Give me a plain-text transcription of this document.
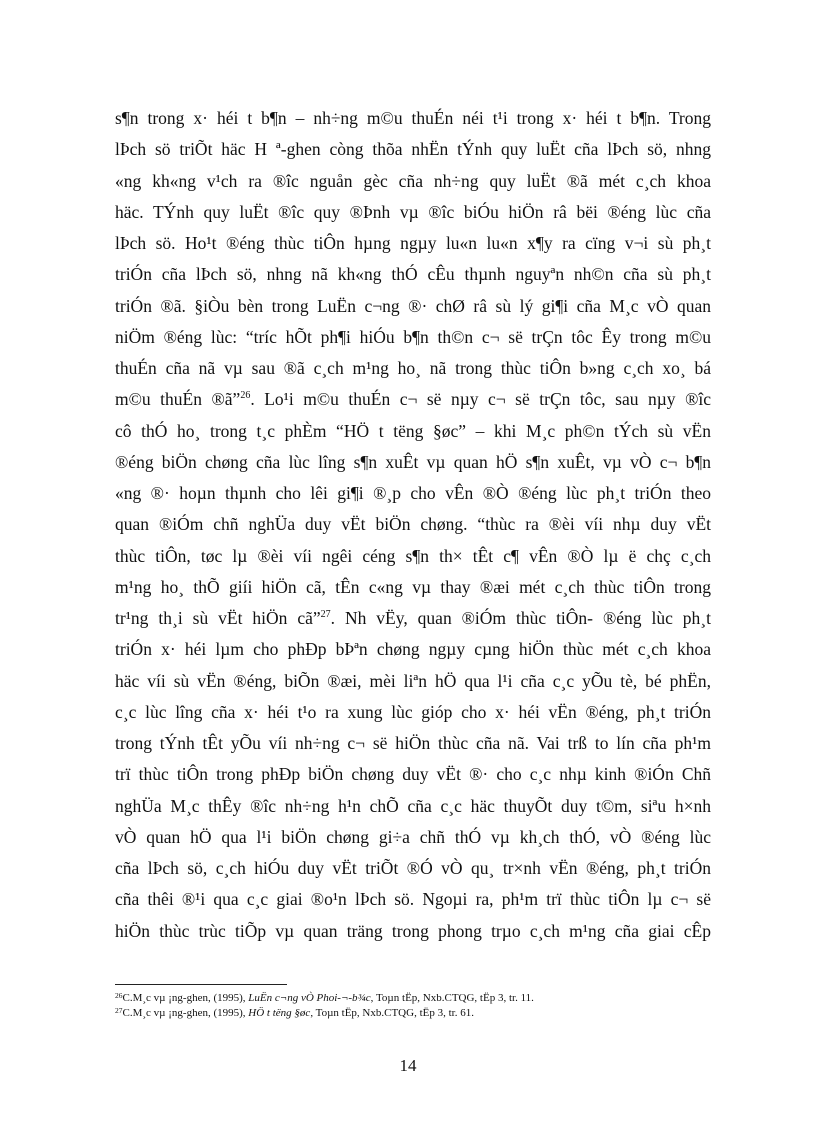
s¶n trong x· héi t b¶n – nh÷ng m©u thuÉn néi t¹i trong x· héi t b¶n. Trong
lÞch sö triÕt häc H ª-ghen còng thõa nhËn tÝnh quy luËt cña lÞch sö, nhng
«ng kh«ng v¹ch ra ®îc nguån gèc cña nh÷ng quy luËt ®ã mét c¸ch khoa
häc. TÝnh quy luËt ®îc quy ®Þnh vµ ®îc biÓu hiÖn râ bëi ®éng lùc cña
lÞch sö. Ho¹t ®éng thùc tiÔn hµng ngµy lu«n lu«n x¶y ra cïng v¬i sù ph¸t
triÓn cña lÞch sö, nhng nã kh«ng thÓ cÊu thµnh nguyªn nh©n cña sù ph¸t
triÓn ®ã. §iÒu bèn trong LuËn c¬ng ®· chØ râ sù lý gi¶i cña M¸c vÒ quan
niÖm ®éng lùc: “tríc hÕt ph¶i hiÓu b¶n th©n c¬ së trÇn tôc Êy trong m©u
thuÉn cña nã vµ sau ®ã c¸ch m¹ng ho¸ nã trong thùc tiÔn b»ng c¸ch xo¸ bá
m©u thuÉn ®ã”$^{26}$. Lo¹i m©u thuÉn c¬ së nµy c¬ së trÇn tôc, sau nµy ®îc
cô thÓ ho¸ trong t¸c phÈm “HÖ t tëng §øc” – khi M¸c ph©n tÝch sù vËn
®éng biÖn chøng cña lùc lîng s¶n xuÊt vµ quan hÖ s¶n xuÊt, vµ vÒ c¬ b¶n
«ng ®· hoµn thµnh cho lêi gi¶i ®¸p cho vÊn ®Ò ®éng lùc ph¸t triÓn theo
quan ®iÓm chñ nghÜa duy vËt biÖn chøng. “thùc ra ®èi víi nhµ duy vËt
thùc tiÔn, tøc lµ ®èi víi ngêi céng s¶n th× tÊt c¶ vÊn ®Ò lµ ë chç c¸ch
m¹ng ho¸ thÕ giíi hiÖn cã, tÊn c«ng vµ thay ®æi mét c¸ch thùc tiÔn trong
tr¹ng th¸i sù vËt hiÖn cã”$^{27}$. Nh vËy, quan ®iÓm thùc tiÔn- ®éng lùc ph¸t
triÓn x· héi lµm cho phÐp bÞªn chøng ngµy cµng hiÖn thùc mét c¸ch khoa
häc víi sù vËn ®éng, biÕn ®æi, mèi liªn hÖ qua l¹i cña c¸c yÕu tè, bé phËn,
c¸c lùc lîng cña x· héi t¹o ra xung lùc gióp cho x· héi vËn ®éng, ph¸t triÓn
trong tÝnh tÊt yÕu víi nh÷ng c¬ së hiÖn thùc cña nã. Vai trß to lín cña ph¹m
trï thùc tiÔn trong phÐp biÖn chøng duy vËt ®· cho c¸c nhµ kinh ®iÓn Chñ
nghÜa M¸c thÊy ®îc nh÷ng h¹n chÕ cña c¸c häc thuyÕt duy t©m, siªu h×nh
vÒ quan hÖ qua l¹i biÖn chøng gi÷a chñ thÓ vµ kh¸ch thÓ, vÒ ®éng lùc
cña lÞch sö, c¸ch hiÓu duy vËt triÕt ®Ó vÒ qu¸ tr×nh vËn ®éng, ph¸t triÓn
cña thêi ®¹i qua c¸c giai ®o¹n lÞch sö. Ngoµi ra, ph¹m trï thùc tiÔn lµ c¬ së
hiÖn thùc trùc tiÕp vµ quan träng trong phong trµo c¸ch m¹ng cña giai cÊp
$^{26}$C.M¸c vµ ¡ng-ghen, (1995), LuËn c¬ng vÒ Phoi-¬-b¾c, Toµn tËp, Nxb.CTQG, tËp 3, tr. 11.
$^{27}$C.M¸c vµ ¡ng-ghen, (1995), HÖ t tëng §øc, Toµn tËp, Nxb.CTQG, tËp 3, tr. 61.
14
